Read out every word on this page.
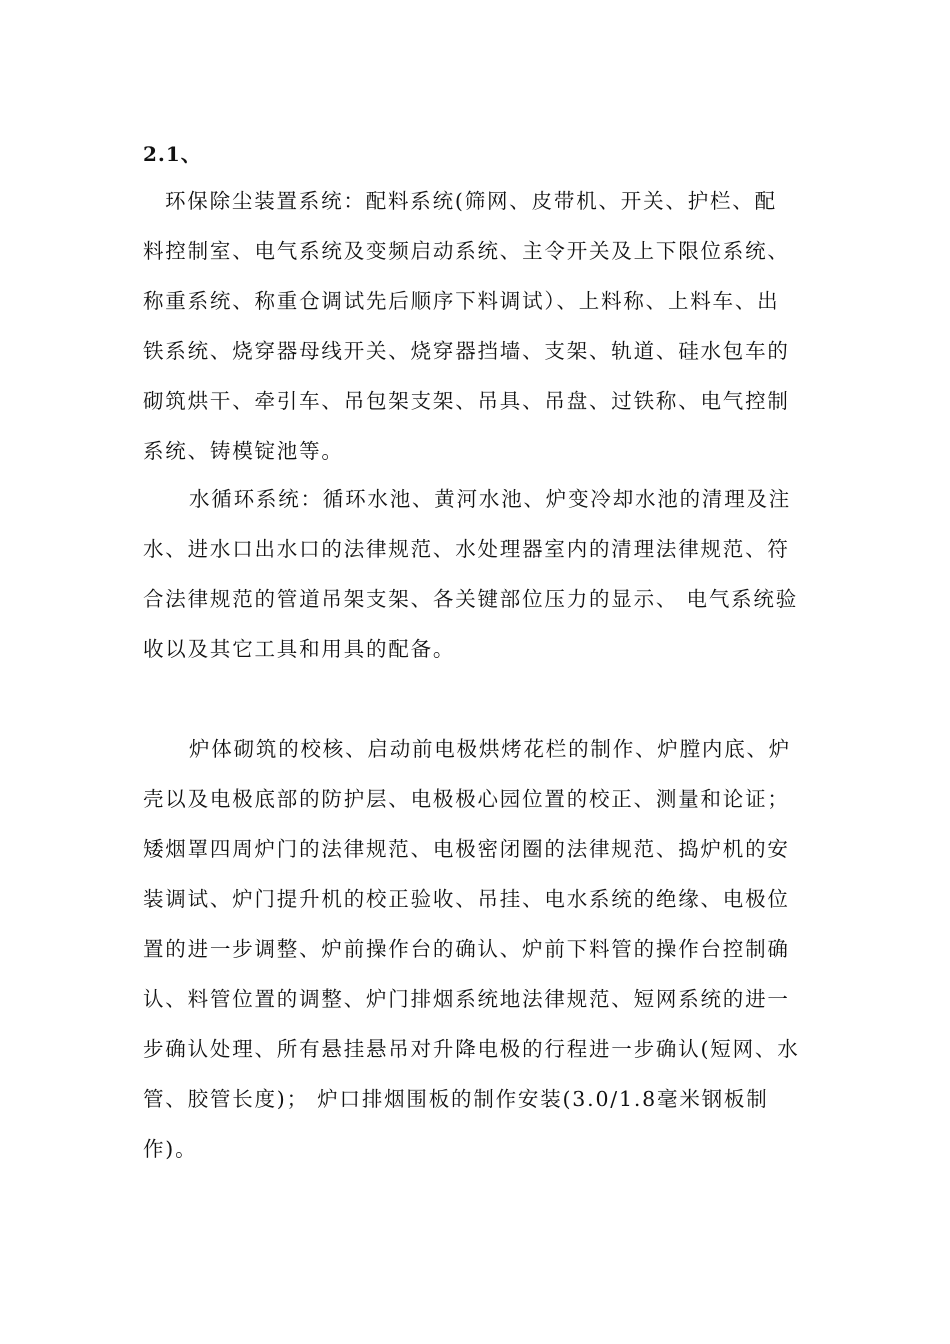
2.1、
环保除尘装置系统：配料系统(筛网、皮带机、开关、护栏、配
料控制室、电气系统及变频启动系统、主令开关及上下限位系统、
称重系统、称重仓调试先后顺序下料调试）、上料称、上料车、出
铁系统、烧穿器母线开关、烧穿器挡墙、支架、轨道、硅水包车的
砌筑烘干、牵引车、吊包架支架、吊具、吊盘、过铁称、电气控制
系统、铸模锭池等。
水循环系统：循环水池、黄河水池、炉变冷却水池的清理及注
水、进水口出水口的法律规范、水处理器室内的清理法律规范、符
合法律规范的管道吊架支架、各关键部位压力的显示、 电气系统验
收以及其它工具和用具的配备。
炉体砌筑的校核、启动前电极烘烤花栏的制作、炉膛内底、炉
壳以及电极底部的防护层、电极极心园位置的校正、测量和论证；
矮烟罩四周炉门的法律规范、电极密闭圈的法律规范、捣炉机的安
装调试、炉门提升机的校正验收、吊挂、电水系统的绝缘、电极位
置的进一步调整、炉前操作台的确认、炉前下料管的操作台控制确
认、料管位置的调整、炉门排烟系统地法律规范、短网系统的进一
步确认处理、所有悬挂悬吊对升降电极的行程进一步确认(短网、水
管、胶管长度)； 炉口排烟围板的制作安装(3.0/1.8毫米钢板制
作)。
